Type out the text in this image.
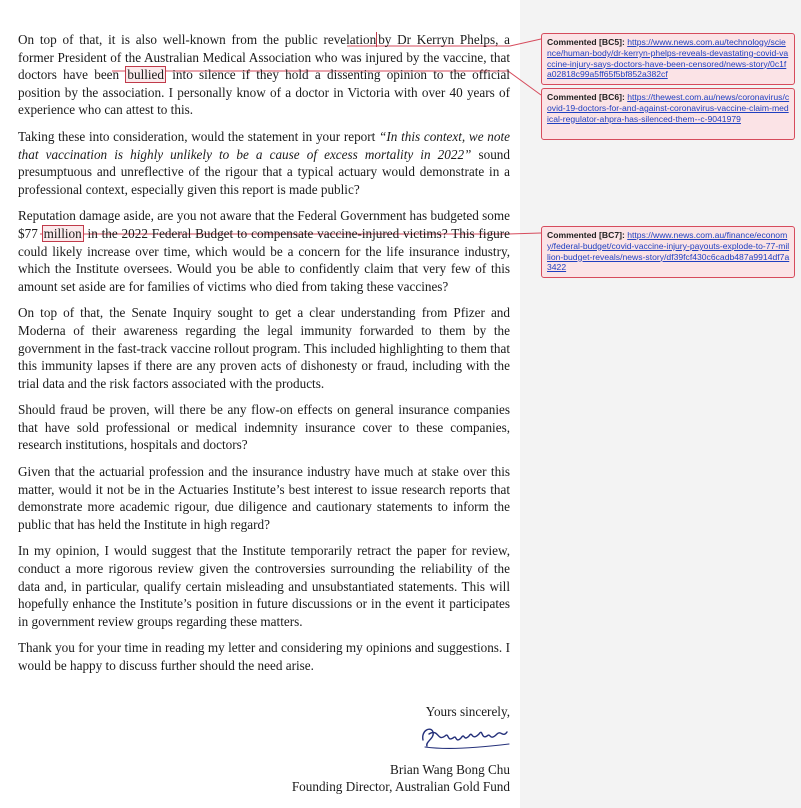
On top of that, it is also well-known from the public revelation by Dr Kerryn Phelps, a former President of the Australian Medical Association who was injured by the vaccine, that doctors have been bullied into silence if they hold a dissenting opinion to the official position by the association. I personally know of a doctor in Victoria with over 40 years of experience who can attest to this.

Taking these into consideration, would the statement in your report “In this context, we note that vaccination is highly unlikely to be a cause of excess mortality in 2022” sound presumptuous and unreflective of the rigour that a typical actuary would demonstrate in a professional context, especially given this report is made public?

Reputation damage aside, are you not aware that the Federal Government has budgeted some $77 million in the 2022 Federal Budget to compensate vaccine-injured victims? This figure could likely increase over time, which would be a concern for the life insurance industry, which the Institute oversees. Would you be able to confidently claim that very few of this amount set aside are for families of victims who died from taking these vaccines?

On top of that, the Senate Inquiry sought to get a clear understanding from Pfizer and Moderna of their awareness regarding the legal immunity forwarded to them by the government in the fast-track vaccine rollout program. This included highlighting to them that this immunity lapses if there are any proven acts of dishonesty or fraud, including with the trial data and the risk factors associated with the products.

Should fraud be proven, will there be any flow-on effects on general insurance companies that have sold professional or medical indemnity insurance cover to these companies, research institutions, hospitals and doctors?

Given that the actuarial profession and the insurance industry have much at stake over this matter, would it not be in the Actuaries Institute’s best interest to issue research reports that demonstrate more academic rigour, due diligence and cautionary statements to inform the public that has held the Institute in high regard?

In my opinion, I would suggest that the Institute temporarily retract the paper for review, conduct a more rigorous review given the controversies surrounding the reliability of the data and, in particular, qualify certain misleading and unsubstantiated statements. This will hopefully enhance the Institute’s position in future discussions or in the event it participates in government review groups regarding these matters.

Thank you for your time in reading my letter and considering my opinions and suggestions. I would be happy to discuss further should the need arise.

Yours sincerely,
Brian Wang Bong Chu
Founding Director, Australian Gold Fund
Commented [BC5]: https://www.news.com.au/technology/science/human-body/dr-kerryn-phelps-reveals-devastating-covid-vaccine-injury-says-doctors-have-been-censored/news-story/0c1fa02818c99a5ff65f5bf852a382cf
Commented [BC6]: https://thewest.com.au/news/coronavirus/covid-19-doctors-for-and-against-coronavirus-vaccine-claim-medical-regulator-ahpra-has-silenced-them--c-9041979
Commented [BC7]: https://www.news.com.au/finance/economy/federal-budget/covid-vaccine-injury-payouts-explode-to-77-million-budget-reveals/news-story/df39fcf430c6cadb487a9914df7a3422
